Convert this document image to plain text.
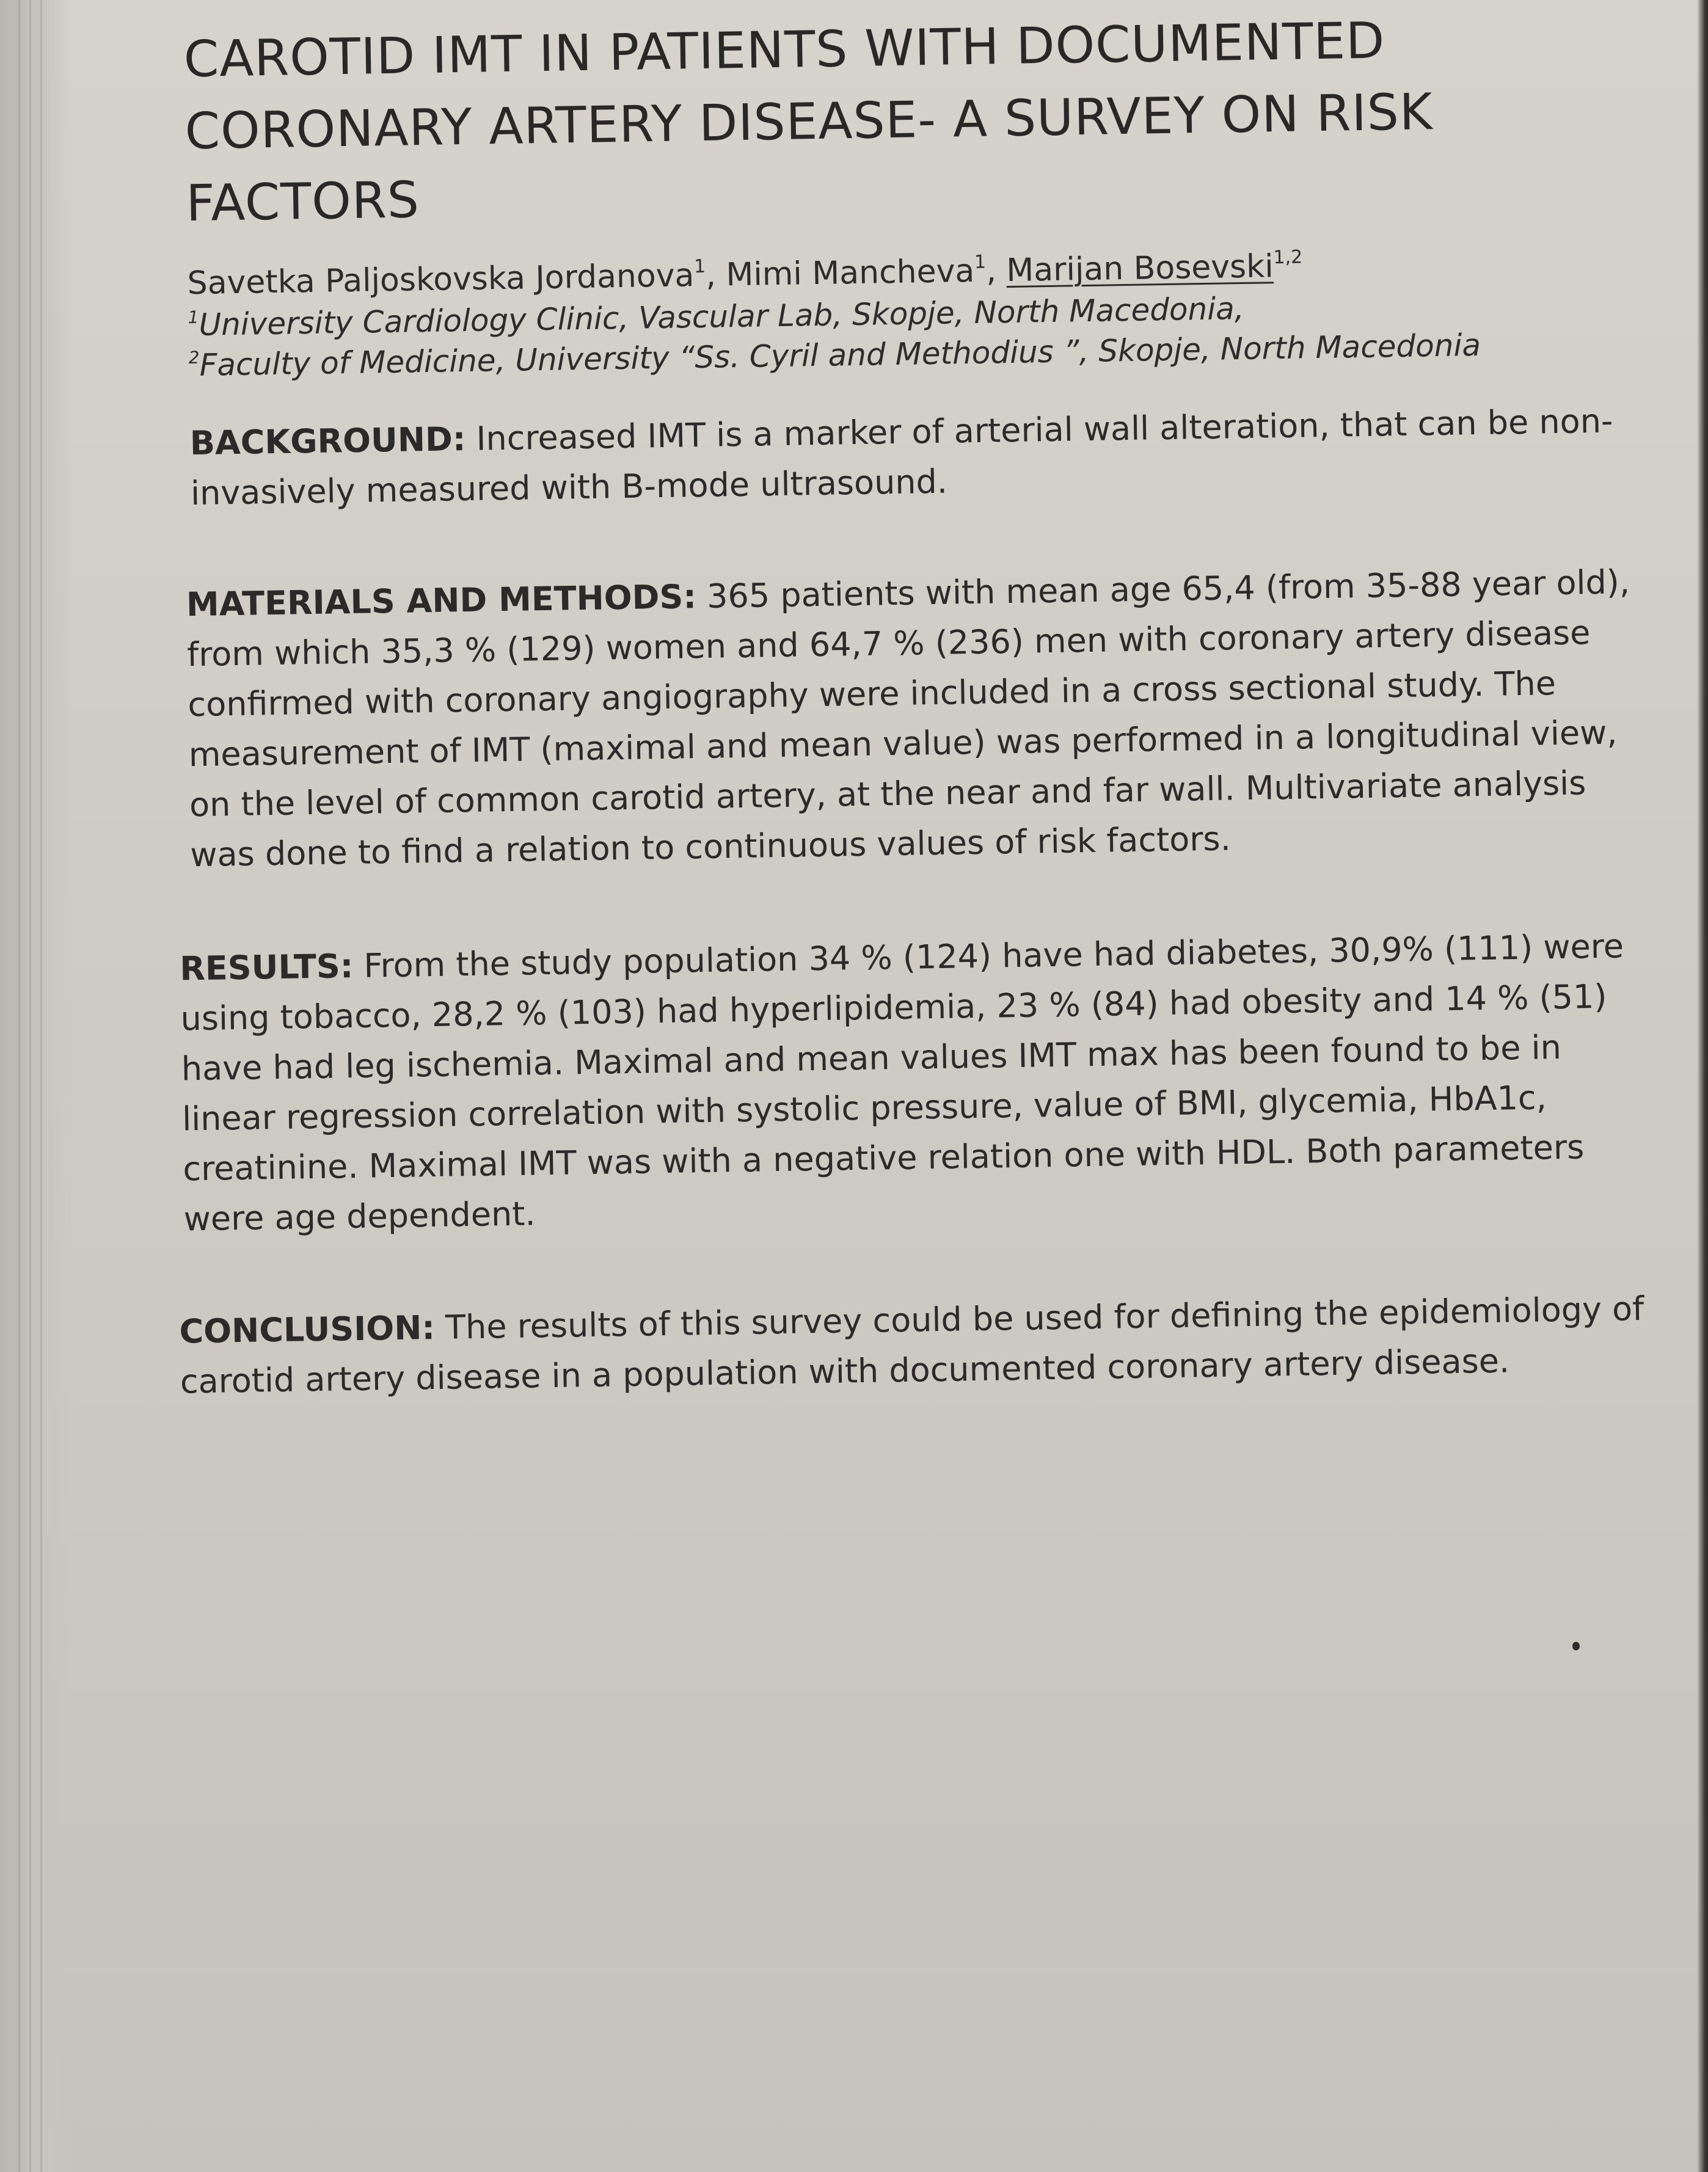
CAROTID IMT IN PATIENTS WITH DOCUMENTED CORONARY ARTERY DISEASE- A SURVEY ON RISK FACTORS
Savetka Paljoskovska Jordanova$^1$, Mimi Mancheva$^1$, Marijan Bosevski$^{1,2}$
$^1$University Cardiology Clinic, Vascular Lab, Skopje, North Macedonia,
$^2$Faculty of Medicine, University “Ss. Cyril and Methodius ”, Skopje, North Macedonia

BACKGROUND: Increased IMT is a marker of arterial wall alteration, that can be non-invasively measured with B-mode ultrasound.

MATERIALS AND METHODS: 365 patients with mean age 65,4 (from 35-88 year old), from which 35,3 % (129) women and 64,7 % (236) men with coronary artery disease confirmed with coronary angiography were included in a cross sectional study. The measurement of IMT (maximal and mean value) was performed in a longitudinal view, on the level of common carotid artery, at the near and far wall. Multivariate analysis was done to find a relation to continuous values of risk factors.

RESULTS: From the study population 34 % (124) have had diabetes, 30,9% (111) were using tobacco, 28,2 % (103) had hyperlipidemia, 23 % (84) had obesity and 14 % (51) have had leg ischemia. Maximal and mean values IMT max has been found to be in linear regression correlation with systolic pressure, value of BMI, glycemia, HbA1c, creatinine. Maximal IMT was with a negative relation one with HDL. Both parameters were age dependent.

CONCLUSION: The results of this survey could be used for defining the epidemiology of carotid artery disease in a population with documented coronary artery disease.
